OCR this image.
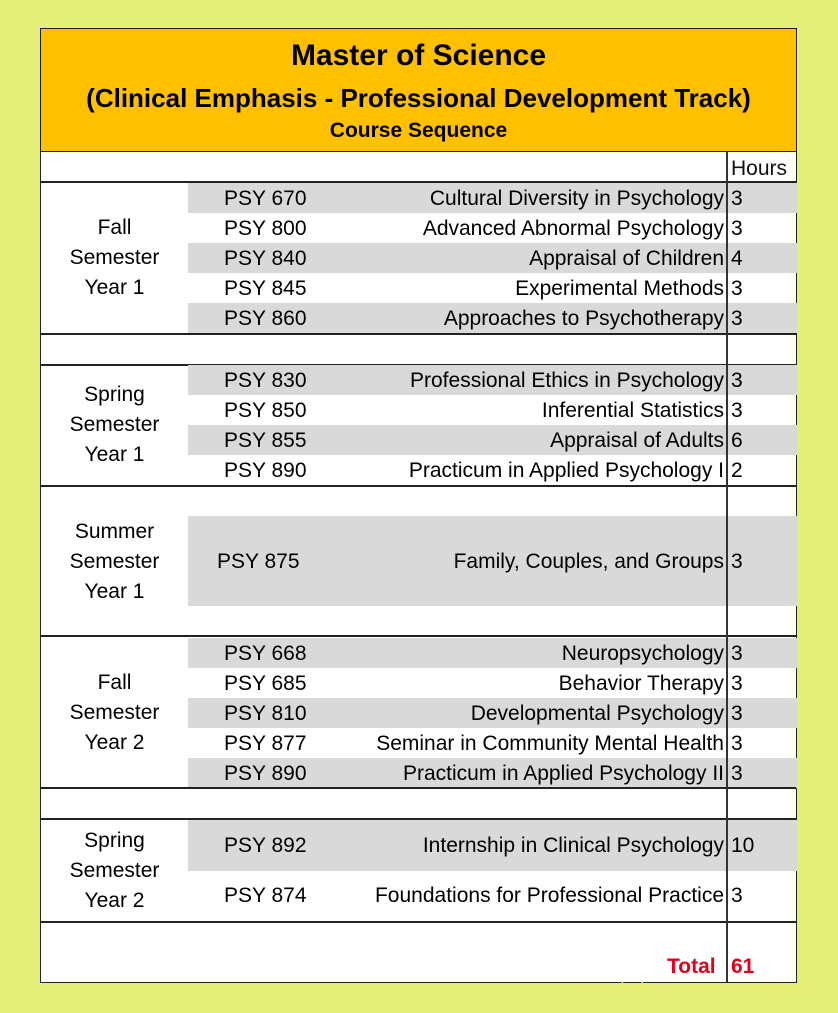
Master of Science
(Clinical Emphasis - Professional Development Track)
Course Sequence
Hours
Fall
Semester
Year 1
PSY 670	Cultural Diversity in Psychology 3
PSY 800	Advanced Abnormal Psychology 3
PSY 840	Appraisal of Children 4
PSY 845	Experimental Methods 3
PSY 860	Approaches to Psychotherapy 3
Spring
Semester
Year 1
PSY 830	Professional Ethics in Psychology 3
PSY 850	Inferential Statistics 3
PSY 855	Appraisal of Adults 6
PSY 890	Practicum in Applied Psychology I 2
Summer
Semester
Year 1
PSY 875	Family, Couples, and Groups 3
Fall
Semester
Year 2
PSY 668	Neuropsychology 3
PSY 685	Behavior Therapy 3
PSY 810	Developmental Psychology 3
PSY 877	Seminar in Community Mental Health 3
PSY 890	Practicum in Applied Psychology II 3
Spring
Semester
Year 2
PSY 892	Internship in Clinical Psychology 10
PSY 874	Foundations for Professional Practice 3
Total 61
psychology masters programs
